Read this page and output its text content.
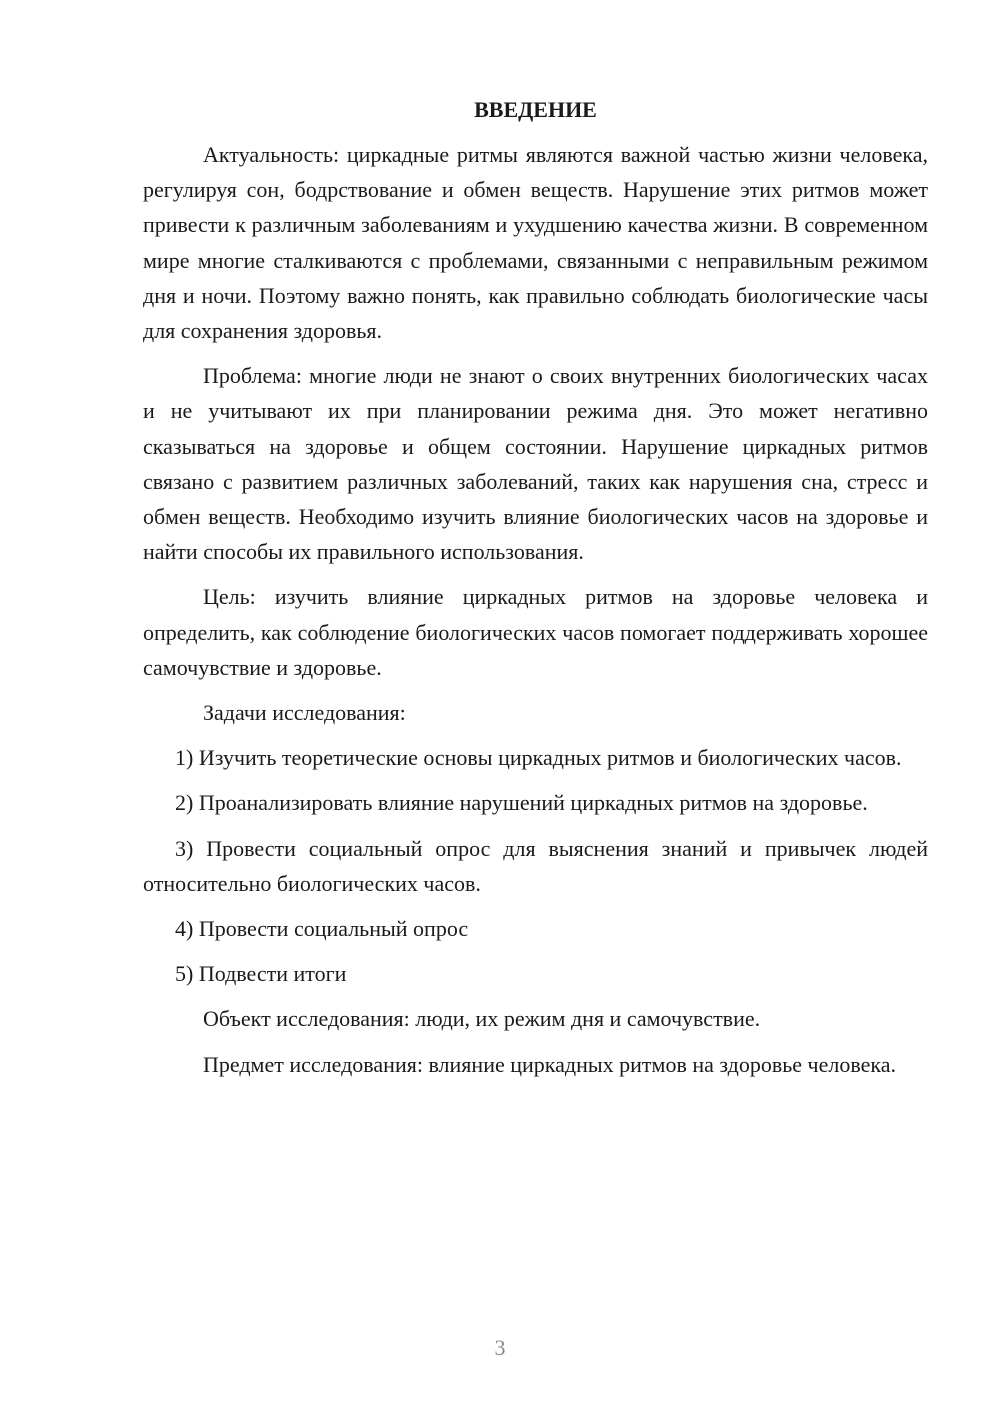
ВВЕДЕНИЕ

Актуальность: циркадные ритмы являются важной частью жизни человека, регулируя сон, бодрствование и обмен веществ. Нарушение этих ритмов может привести к различным заболеваниям и ухудшению качества жизни. В современном мире многие сталкиваются с проблемами, связанными с неправильным режимом дня и ночи. Поэтому важно понять, как правильно соблюдать биологические часы для сохранения здоровья.

Проблема: многие люди не знают о своих внутренних биологических часах и не учитывают их при планировании режима дня. Это может негативно сказываться на здоровье и общем состоянии. Нарушение циркадных ритмов связано с развитием различных заболеваний, таких как нарушения сна, стресс и обмен веществ. Необходимо изучить влияние биологических часов на здоровье и найти способы их правильного использования.

Цель: изучить влияние циркадных ритмов на здоровье человека и определить, как соблюдение биологических часов помогает поддерживать хорошее самочувствие и здоровье.

Задачи исследования:

1) Изучить теоретические основы циркадных ритмов и биологических часов.

2) Проанализировать влияние нарушений циркадных ритмов на здоровье.

3) Провести социальный опрос для выяснения знаний и привычек людей относительно биологических часов.

4) Провести социальный опрос

5) Подвести итоги

Объект исследования: люди, их режим дня и самочувствие.

Предмет исследования: влияние циркадных ритмов на здоровье человека.

3
